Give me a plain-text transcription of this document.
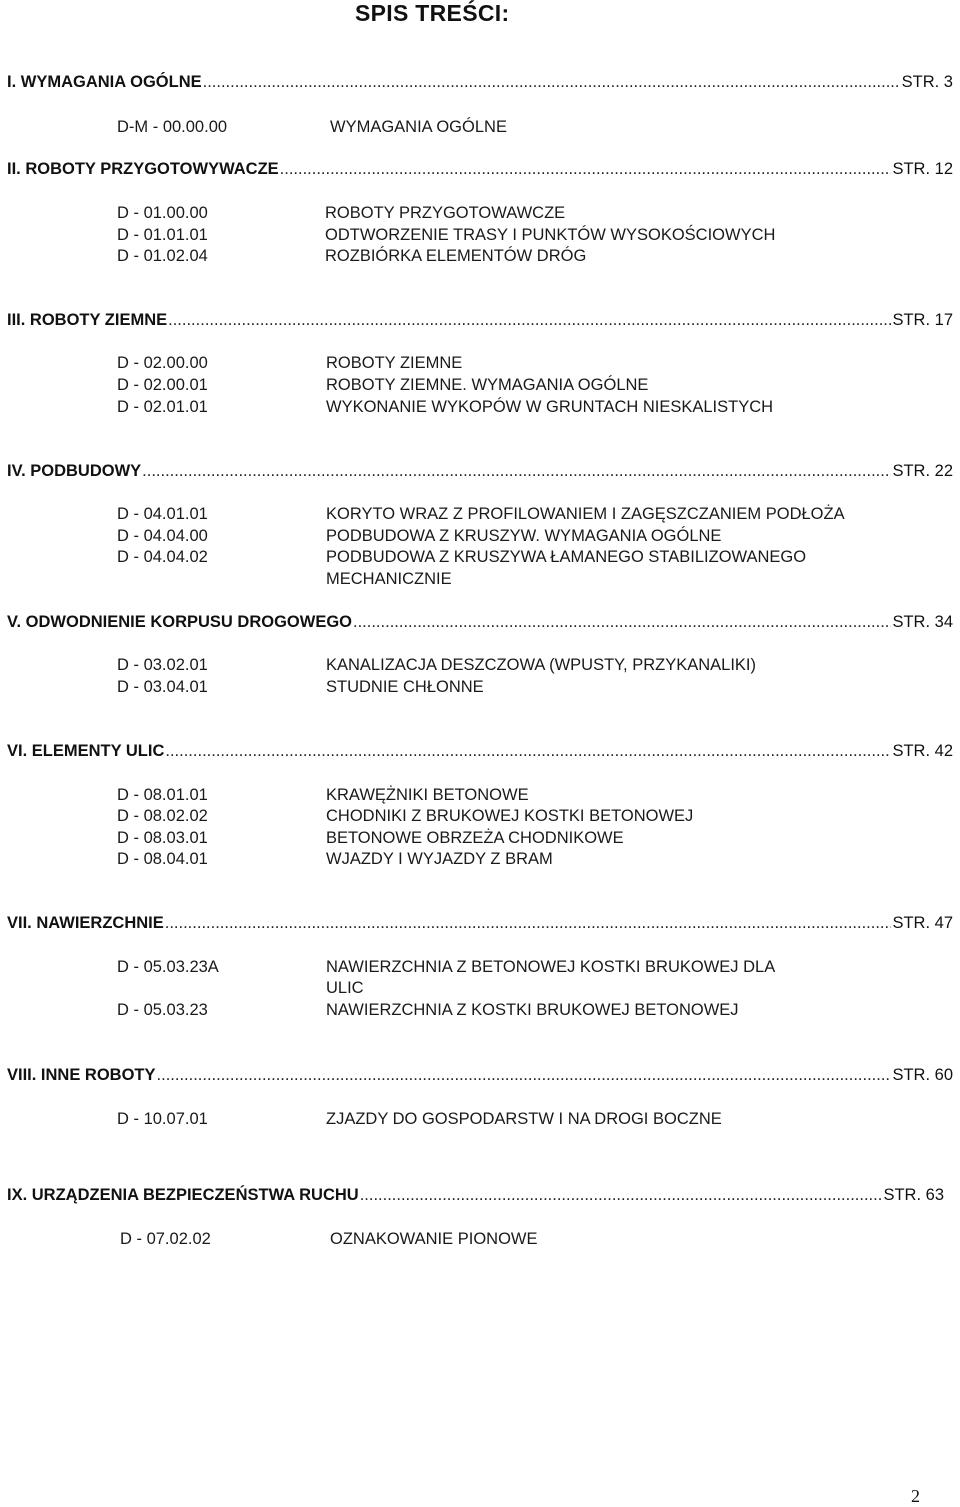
SPIS TREŚCI:
I. WYMAGANIA OGÓLNE .....	STR. 3
D-M - 00.00.00	WYMAGANIA OGÓLNE
II. ROBOTY PRZYGOTOWYWACZE .....	STR. 12
D - 01.00.00	ROBOTY PRZYGOTOWAWCZE
D - 01.01.01	ODTWORZENIE TRASY I PUNKTÓW WYSOKOŚCIOWYCH
D - 01.02.04	ROZBIÓRKA ELEMENTÓW DRÓG
III. ROBOTY ZIEMNE .....	STR. 17
D - 02.00.00	ROBOTY ZIEMNE
D - 02.00.01	ROBOTY ZIEMNE. WYMAGANIA OGÓLNE
D - 02.01.01	WYKONANIE WYKOPÓW W GRUNTACH NIESKALISTYCH
IV. PODBUDOWY .....	STR. 22
D - 04.01.01	KORYTO WRAZ Z PROFILOWANIEM I ZAGĘSZCZANIEM PODŁOŻA
D - 04.04.00	PODBUDOWA Z KRUSZYW. WYMAGANIA OGÓLNE
D - 04.04.02	PODBUDOWA Z KRUSZYWA ŁAMANEGO STABILIZOWANEGO
MECHANICZNIE
V. ODWODNIENIE KORPUSU DROGOWEGO .....	STR. 34
D - 03.02.01	KANALIZACJA DESZCZOWA (WPUSTY, PRZYKANALIKI)
D - 03.04.01	STUDNIE CHŁONNE
VI. ELEMENTY ULIC .....	STR. 42
D - 08.01.01	KRAWĘŻNIKI BETONOWE
D - 08.02.02	CHODNIKI Z BRUKOWEJ KOSTKI BETONOWEJ
D - 08.03.01	BETONOWE OBRZEŻA CHODNIKOWE
D - 08.04.01	WJAZDY I WYJAZDY Z BRAM
VII. NAWIERZCHNIE .....	STR. 47
D - 05.03.23A	NAWIERZCHNIA Z BETONOWEJ KOSTKI BRUKOWEJ DLA
ULIC
D - 05.03.23	NAWIERZCHNIA Z KOSTKI BRUKOWEJ BETONOWEJ
VIII. INNE ROBOTY .....	STR. 60
D - 10.07.01	ZJAZDY DO GOSPODARSTW I NA DROGI BOCZNE
IX. URZĄDZENIA BEZPIECZEŃSTWA RUCHU .....	STR. 63
D - 07.02.02	OZNAKOWANIE PIONOWE
2
